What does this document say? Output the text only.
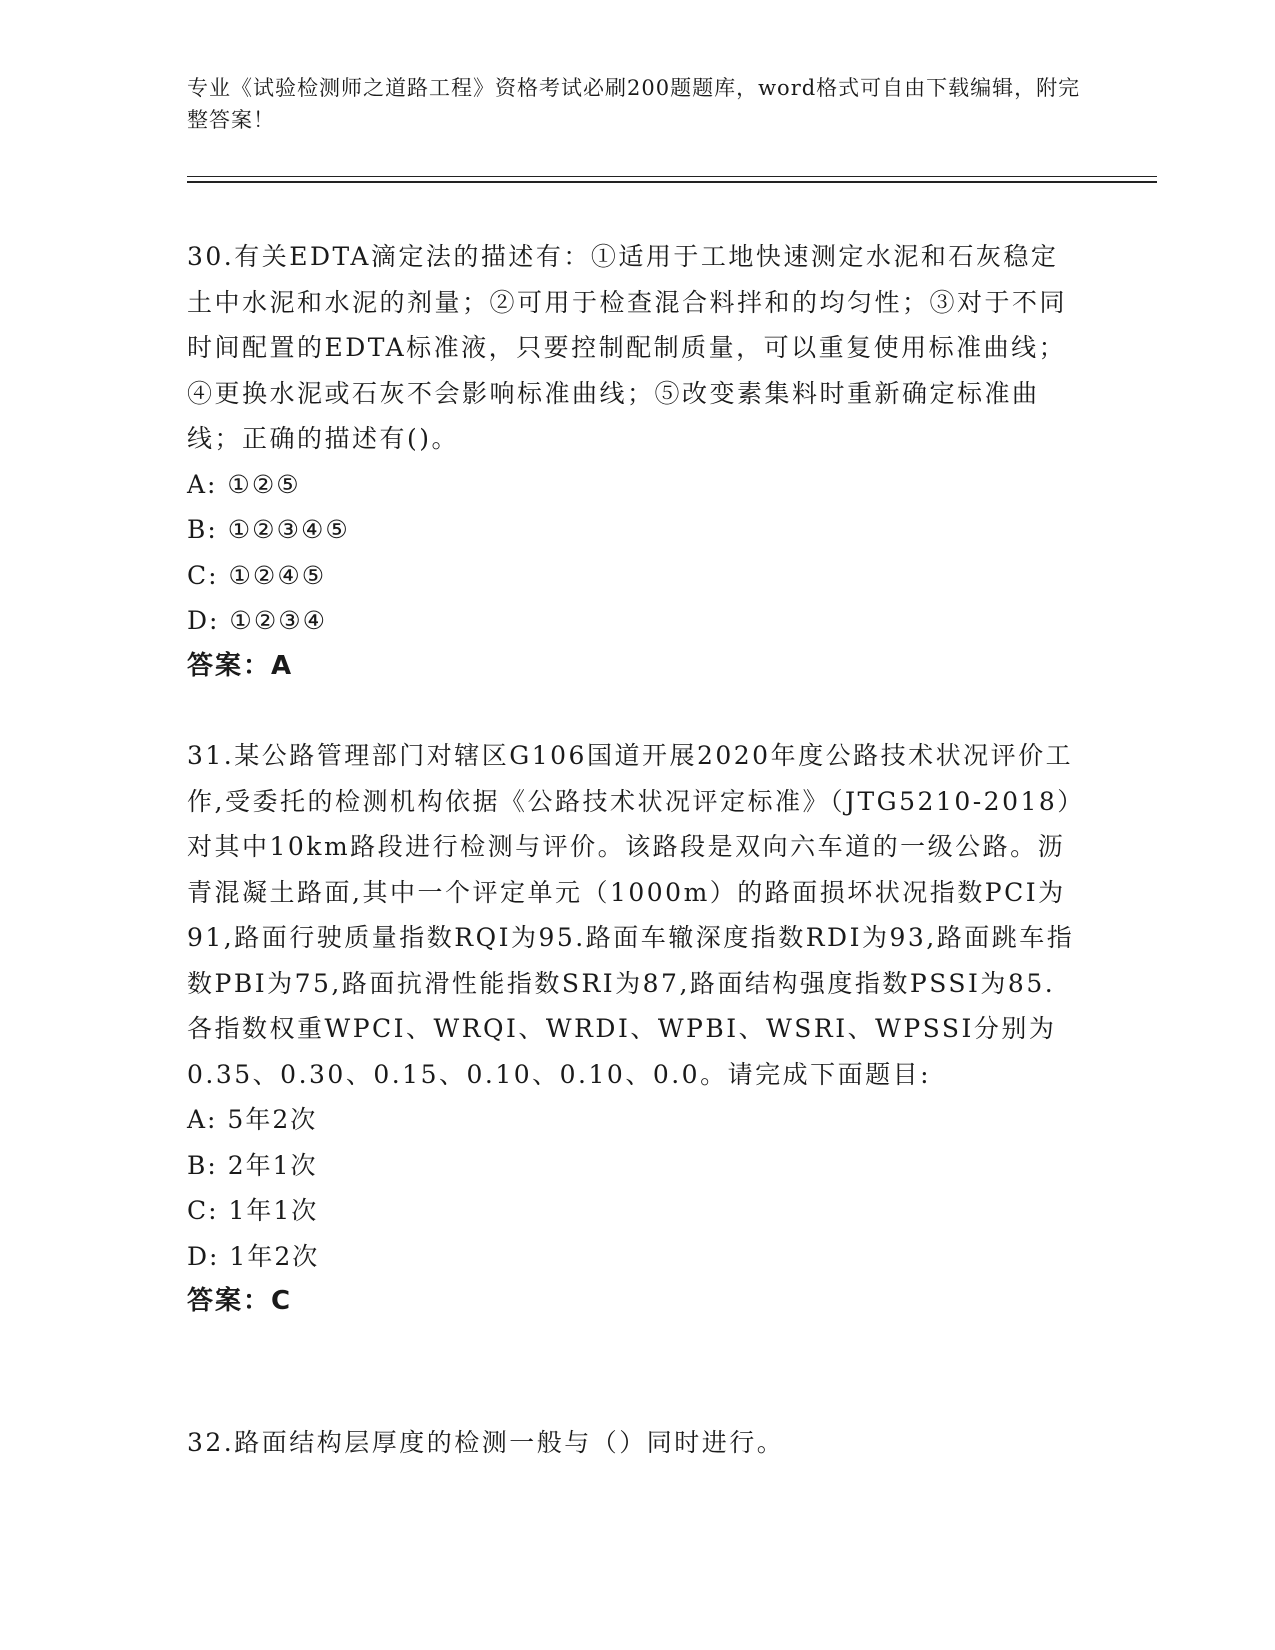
专业《试验检测师之道路工程》资格考试必刷200题题库，word格式可自由下载编辑，附完整答案！

30.有关EDTA滴定法的描述有：①适用于工地快速测定水泥和石灰稳定土中水泥和水泥的剂量；②可用于检查混合料拌和的均匀性；③对于不同时间配置的EDTA标准液，只要控制配制质量，可以重复使用标准曲线；④更换水泥或石灰不会影响标准曲线；⑤改变素集料时重新确定标准曲线；正确的描述有()。

A: ①②⑤

B: ①②③④⑤

C: ①②④⑤

D: ①②③④

答案：A

31.某公路管理部门对辖区G106国道开展2020年度公路技术状况评价工作,受委托的检测机构依据《公路技术状况评定标准》（JTG5210-2018）对其中10km路段进行检测与评价。该路段是双向六车道的一级公路。沥青混凝土路面,其中一个评定单元（1000m）的路面损坏状况指数PCI为91,路面行驶质量指数RQI为95.路面车辙深度指数RDI为93,路面跳车指数PBI为75,路面抗滑性能指数SRI为87,路面结构强度指数PSSI为85.各指数权重WPCI、WRQI、WRDI、WPBI、WSRI、WPSSI分别为0.35、0.30、0.15、0.10、0.10、0.0。请完成下面题目:

A: 5年2次

B: 2年1次

C: 1年1次

D: 1年2次

答案：C

32.路面结构层厚度的检测一般与（）同时进行。
